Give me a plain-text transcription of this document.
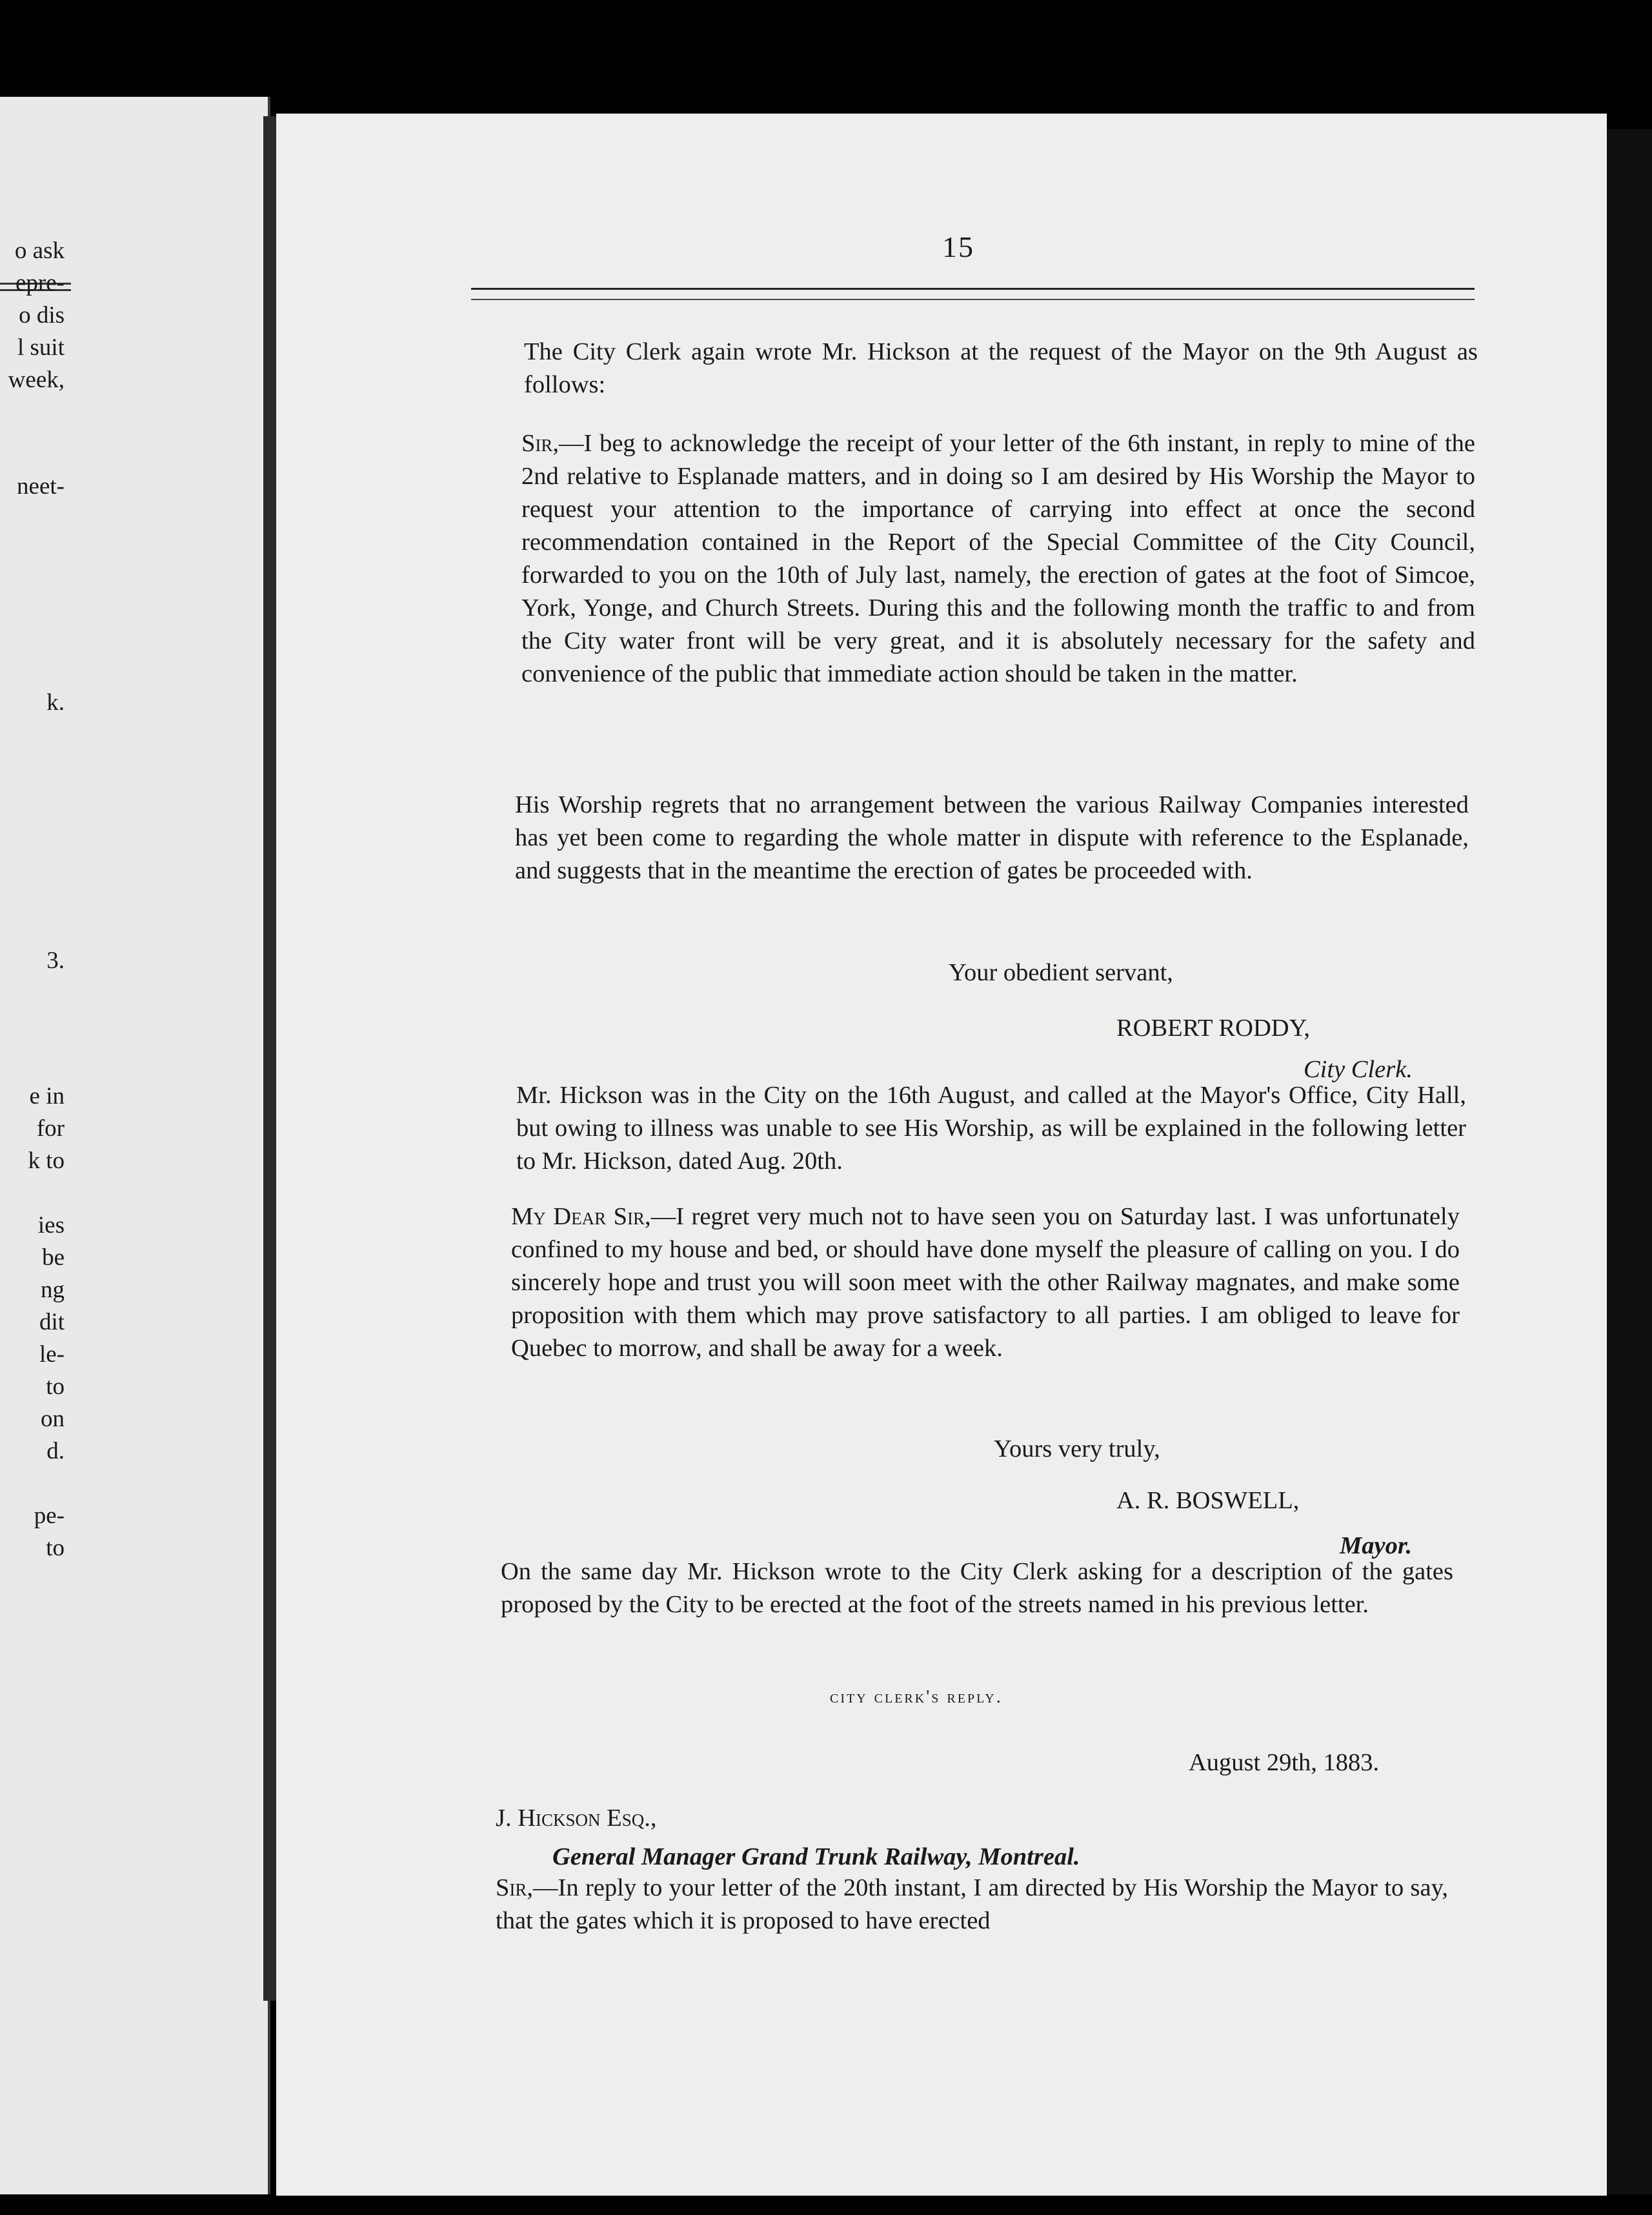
o ask
epre-
o dis
l suit
week,
neet-
k.
3.
e in
for
k to
ies
be
ng
dit
le-
to
on
d.
pe-
to
15
The City Clerk again wrote Mr. Hickson at the request of the Mayor on the 9th August as follows:
Sir,—I beg to acknowledge the receipt of your letter of the 6th instant, in reply to mine of the 2nd relative to Esplanade matters, and in doing so I am desired by His Worship the Mayor to request your attention to the importance of carrying into effect at once the second recommendation contained in the Report of the Special Committee of the City Council, forwarded to you on the 10th of July last, namely, the erection of gates at the foot of Simcoe, York, Yonge, and Church Streets. During this and the following month the traffic to and from the City water front will be very great, and it is absolutely necessary for the safety and convenience of the public that immediate action should be taken in the matter.
His Worship regrets that no arrangement between the various Railway Companies interested has yet been come to regarding the whole matter in dispute with reference to the Esplanade, and suggests that in the meantime the erection of gates be proceeded with.
Your obedient servant,
ROBERT RODDY,
City Clerk.
Mr. Hickson was in the City on the 16th August, and called at the Mayor's Office, City Hall, but owing to illness was unable to see His Worship, as will be explained in the following letter to Mr. Hickson, dated Aug. 20th.
My Dear Sir,—I regret very much not to have seen you on Saturday last. I was unfortunately confined to my house and bed, or should have done myself the pleasure of calling on you. I do sincerely hope and trust you will soon meet with the other Railway magnates, and make some proposition with them which may prove satisfactory to all parties. I am obliged to leave for Quebec to morrow, and shall be away for a week.
Yours very truly,
A. R. BOSWELL,
Mayor.
On the same day Mr. Hickson wrote to the City Clerk asking for a description of the gates proposed by the City to be erected at the foot of the streets named in his previous letter.
city clerk's reply.
August 29th, 1883.
J. Hickson Esq.,
General Manager Grand Trunk Railway, Montreal.
Sir,—In reply to your letter of the 20th instant, I am directed by His Worship the Mayor to say, that the gates which it is proposed to have erected
